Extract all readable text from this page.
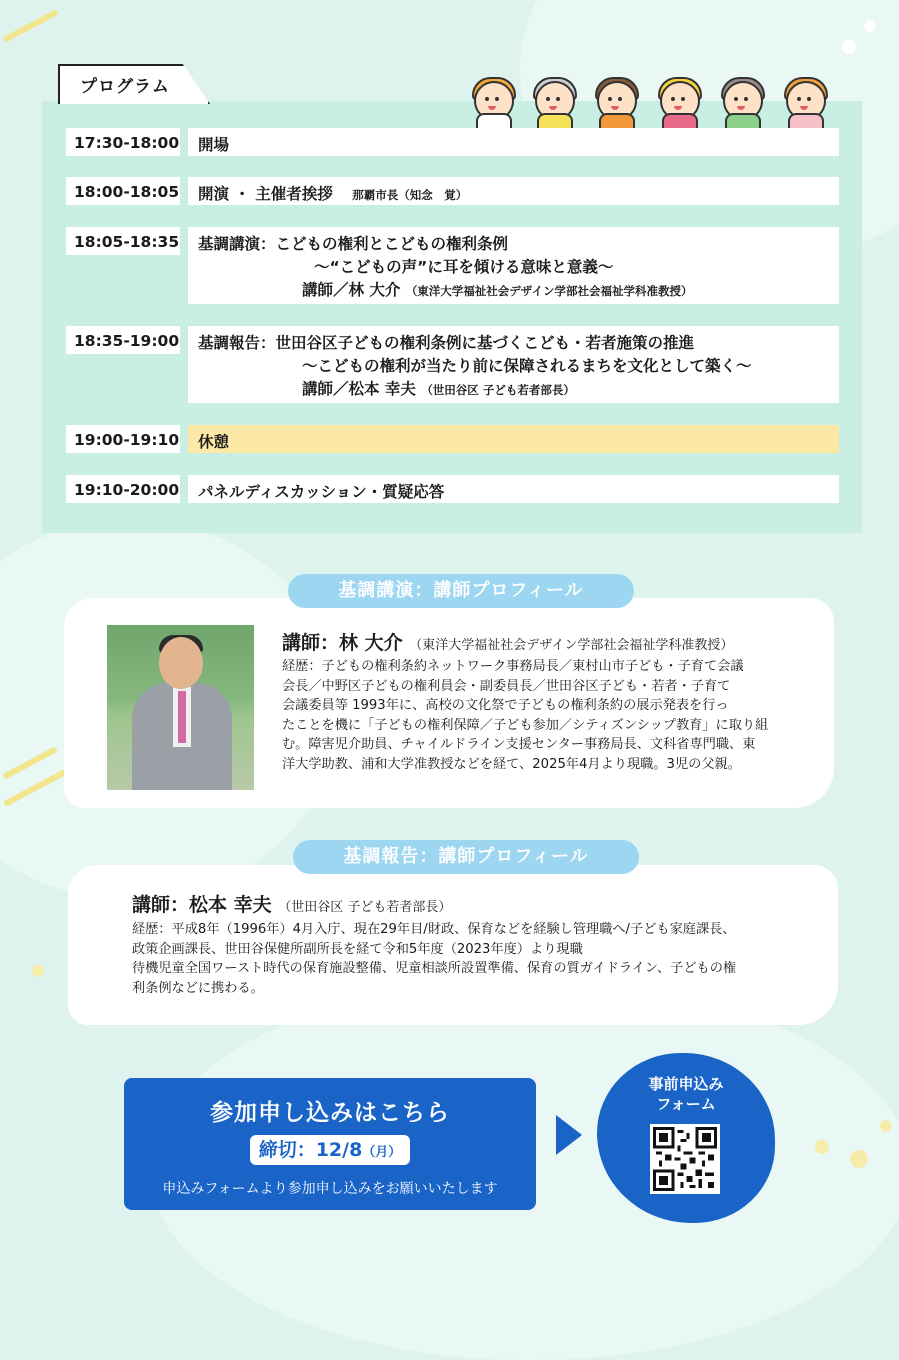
プログラム
17:30-18:00	開場
18:00-18:05	開演 ・ 主催者挨拶 那覇市長（知念　覚）
18:05-18:35 基調講演：こどもの権利とこどもの権利条例
～“こどもの声”に耳を傾ける意味と意義～
講師／林 大介 （東洋大学福祉社会デザイン学部社会福祉学科准教授）
18:35-19:00 基調報告：世田谷区子どもの権利条例に基づくこども・若者施策の推進
～こどもの権利が当たり前に保障されるまちを文化として築く～
講師／松本 幸夫 （世田谷区 子ども若者部長）
19:00-19:10	休憩
19:10-20:00	パネルディスカッション・質疑応答
基調講演：講師プロフィール
講師：林 大介 （東洋大学福祉社会デザイン学部社会福祉学科准教授）
経歴：子どもの権利条約ネットワーク事務局長／東村山市子ども・子育て会議
会長／中野区子どもの権利員会・副委員長／世田谷区子ども・若者・子育て
会議委員等 1993年に、高校の文化祭で子どもの権利条約の展示発表を行っ
たことを機に「子どもの権利保障／子ども参加／シティズンシップ教育」に取り組
む。障害児介助員、チャイルドライン支援センター事務局長、文科省専門職、東
洋大学助教、浦和大学准教授などを経て、2025年4月より現職。3児の父親。
基調報告：講師プロフィール
講師：松本 幸夫 （世田谷区 子ども若者部長）
経歴：平成8年（1996年）4月入庁、現在29年目/財政、保育などを経験し管理職へ/子ども家庭課長、
政策企画課長、世田谷保健所副所長を経て令和5年度（2023年度）より現職
待機児童全国ワースト時代の保育施設整備、児童相談所設置準備、保育の質ガイドライン、子どもの権
利条例などに携わる。
参加申し込みはこちら
締切：12/8（月）
申込みフォームより参加申し込みをお願いいたします
事前申込み
フォーム
